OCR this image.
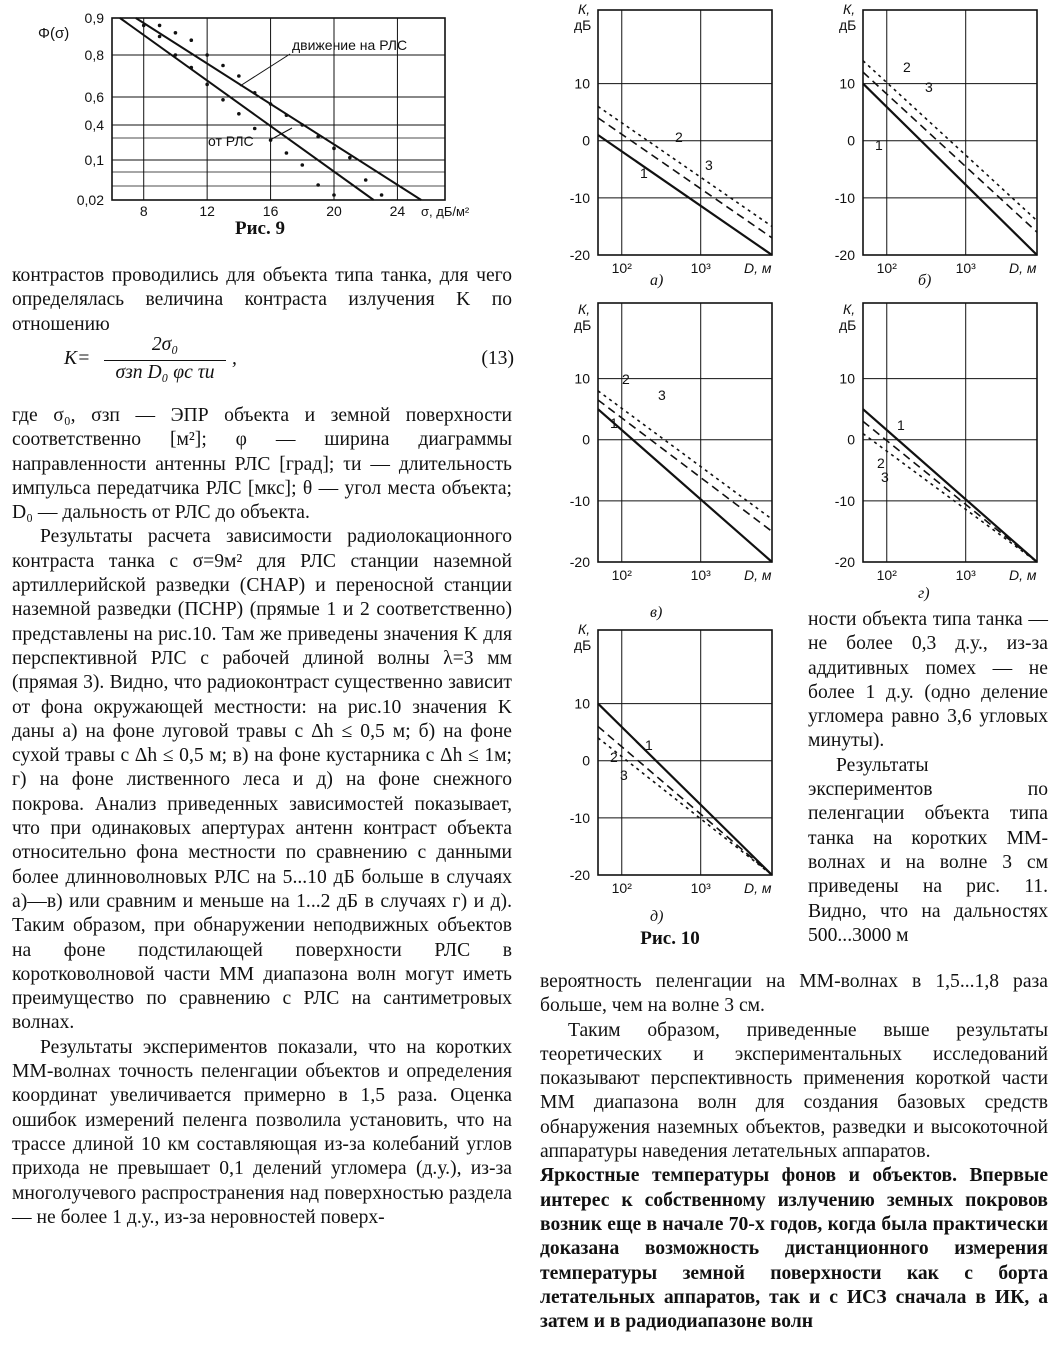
0,9
0,8
0,6
0,4
0,1
0,02
8	12	16	20	24
Φ(σ)
σ, дБ/м²
движение на РЛС
от РЛС

Рис. 9

контрастов проводились для объекта типа танка, для чего определялась величина контраста излучения K по отношению

K=
2σ₀
σзп D₀ φc τи
,	(13)

где σ₀, σзп — ЭПР объекта и земной поверхности соответственно [м²]; φ — ширина диаграммы направленности антенны РЛС [град]; τи — длительность импульса передатчика РЛС [мкс]; θ — угол места объекта; D₀ — дальность от РЛС до объекта.

Результаты расчета зависимости радиолокационного контраста танка с σ=9м² для РЛС станции наземной артиллерийской разведки (СНАР) и переносной станции наземной разведки (ПСНР) (прямые 1 и 2 соответственно) представлены на рис.10. Там же приведены значения K для перспективной РЛС с рабочей длиной волны λ=3 мм (прямая 3). Видно, что радиоконтраст существенно зависит от фона окружающей местности: на рис.10 значения K даны а) на фоне луговой травы с Δh ≤ 0,5 м; б) на фоне сухой травы с Δh ≤ 0,5 м; в) на фоне кустарника с Δh ≤ 1м; г) на фоне лиственного леса и д) на фоне снежного покрова. Анализ приведенных зависимостей показывает, что при одинаковых апертурах антенн контраст объекта относительно фона местности по сравнению с данными более длинноволновых РЛС на 5...10 дБ больше в случаях а)—в) или сравним и меньше на 1...2 дБ в случаях г) и д). Таким образом, при обнаружении неподвижных объектов на фоне подстилающей поверхности РЛС в коротковолновой части ММ диапазона волн могут иметь преимущество по сравнению с РЛС на сантиметровых волнах.

Результаты экспериментов показали, что на коротких ММ-волнах точность пеленгации объектов и определения координат увеличивается примерно в 1,5 раза. Оценка ошибок измерений пеленга позволила установить, что на трассе длиной 10 км составляющая из-за колебаний углов прихода не превышает 0,1 делений угломера (д.у.), из-за многолучевого распространения над поверхностью раздела — не более 1 д.у., из-за неровностей поверх-

10
0
-10
-20
10²	10³
К,
дБ
D, м
1
2
3

а)

10
0
-10
-20
10²	10³
К,
дБ
D, м
1
2
3

б)

10
0
-10
-20
10²	10³
К,
дБ
D, м
1
2
3

в)

10
0
-10
-20
10²	10³
К,
дБ
D, м
1
2
3

г)

10
0
-10
-20
10²	10³
К,
дБ
D, м
1
2
3

д)

Рис. 10

ности объекта типа танка — не более 0,3 д.у., из-за аддитивных помех — не более 1 д.у. (одно деление угломера равно 3,6 угловых минуты).

Результаты экспериментов по пеленгации объекта типа танка на коротких ММ-волнах и на волне 3 см приведены на рис. 11. Видно, что на дальностях 500...3000 м

вероятность пеленгации на ММ-волнах в 1,5...1,8 раза больше, чем на волне 3 см.

Таким образом, приведенные выше результаты теоретических и экспериментальных исследований показывают перспективность применения короткой части ММ диапазона волн для создания базовых средств обнаружения наземных объектов, разведки и высокоточной аппаратуры наведения летательных аппаратов.

Яркостные температуры фонов и объектов. Впервые интерес к собственному излучению земных покровов возник еще в начале 70-х годов, когда была практически доказана возможность дистанционного измерения температуры земной поверхности как с борта летательных аппаратов, так и с ИСЗ сначала в ИК, а затем и в радиодиапазоне волн
